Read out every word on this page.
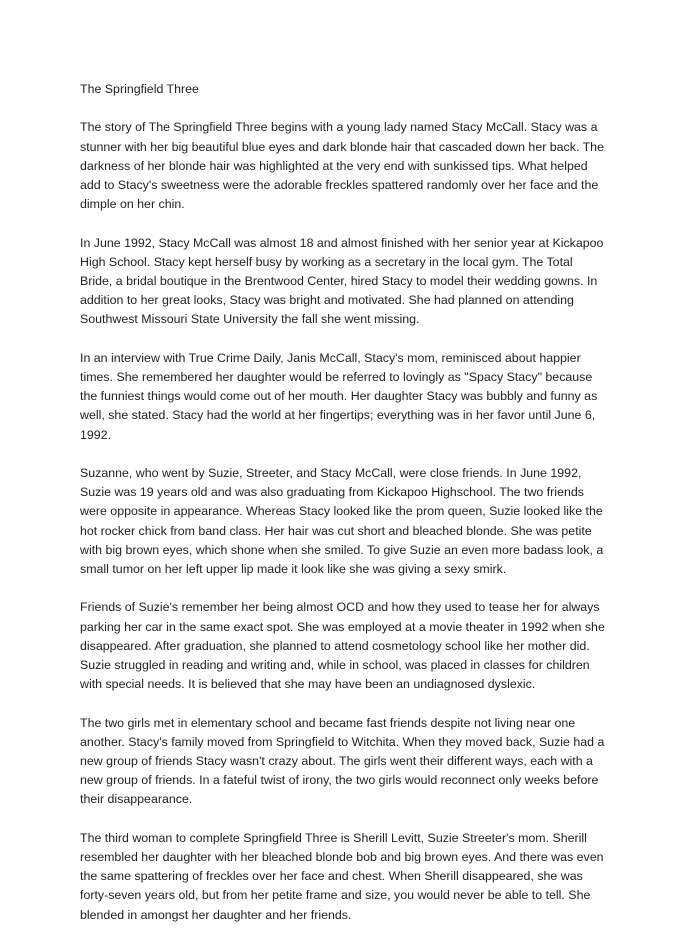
The Springfield Three

The story of The Springfield Three begins with a young lady named Stacy McCall. Stacy was a stunner with her big beautiful blue eyes and dark blonde hair that cascaded down her back. The darkness of her blonde hair was highlighted at the very end with sunkissed tips. What helped add to Stacy's sweetness were the adorable freckles spattered randomly over her face and the dimple on her chin.

In June 1992, Stacy McCall was almost 18 and almost finished with her senior year at Kickapoo High School. Stacy kept herself busy by working as a secretary in the local gym. The Total Bride, a bridal boutique in the Brentwood Center, hired Stacy to model their wedding gowns. In addition to her great looks, Stacy was bright and motivated. She had planned on attending Southwest Missouri State University the fall she went missing.

In an interview with True Crime Daily, Janis McCall, Stacy's mom, reminisced about happier times. She remembered her daughter would be referred to lovingly as "Spacy Stacy" because the funniest things would come out of her mouth. Her daughter Stacy was bubbly and funny as well, she stated. Stacy had the world at her fingertips; everything was in her favor until June 6, 1992.

Suzanne, who went by Suzie, Streeter, and Stacy McCall, were close friends. In June 1992, Suzie was 19 years old and was also graduating from Kickapoo Highschool. The two friends were opposite in appearance. Whereas Stacy looked like the prom queen, Suzie looked like the hot rocker chick from band class. Her hair was cut short and bleached blonde. She was petite with big brown eyes, which shone when she smiled. To give Suzie an even more badass look, a small tumor on her left upper lip made it look like she was giving a sexy smirk.

Friends of Suzie's remember her being almost OCD and how they used to tease her for always parking her car in the same exact spot. She was employed at a movie theater in 1992 when she disappeared. After graduation, she planned to attend cosmetology school like her mother did. Suzie struggled in reading and writing and, while in school, was placed in classes for children with special needs. It is believed that she may have been an undiagnosed dyslexic.

The two girls met in elementary school and became fast friends despite not living near one another. Stacy's family moved from Springfield to Witchita. When they moved back, Suzie had a new group of friends Stacy wasn't crazy about. The girls went their different ways, each with a new group of friends. In a fateful twist of irony, the two girls would reconnect only weeks before their disappearance.

The third woman to complete Springfield Three is Sherill Levitt, Suzie Streeter's mom. Sherill resembled her daughter with her bleached blonde bob and big brown eyes. And there was even the same spattering of freckles over her face and chest. When Sherill disappeared, she was forty-seven years old, but from her petite frame and size, you would never be able to tell. She blended in amongst her daughter and her friends.
